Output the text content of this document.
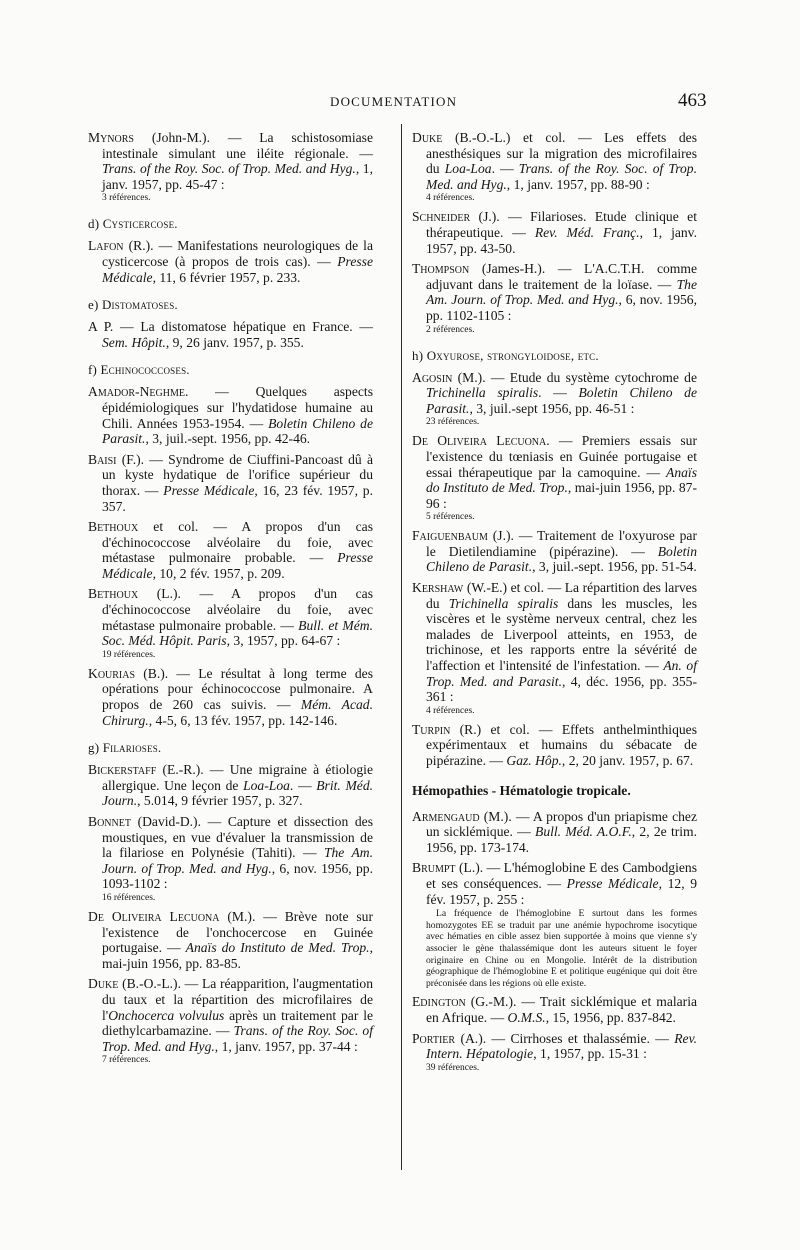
DOCUMENTATION	463
Mynors (John-M.). — La schistosomiase intestinale simulant une iléite régionale. — Trans. of the Roy. Soc. of Trop. Med. and Hyg., 1, janv. 1957, pp. 45-47 :
3 références.
d) Cysticercose.
Lafon (R.). — Manifestations neurologiques de la cysticercose (à propos de trois cas). — Presse Médicale, 11, 6 février 1957, p. 233.
e) Distomatoses.
A P. — La distomatose hépatique en France. — Sem. Hôpit., 9, 26 janv. 1957, p. 355.
f) Echinococcoses.
Amador-Neghme. — Quelques aspects épidémiologiques sur l'hydatidose humaine au Chili. Années 1953-1954. — Boletin Chileno de Parasit., 3, juil.-sept. 1956, pp. 42-46.
Baisi (F.). — Syndrome de Ciuffini-Pancoast dû à un kyste hydatique de l'orifice supérieur du thorax. — Presse Médicale, 16, 23 fév. 1957, p. 357.
Bethoux et col. — A propos d'un cas d'échinococcose alvéolaire du foie, avec métastase pulmonaire probable. — Presse Médicale, 10, 2 fév. 1957, p. 209.
Bethoux (L.). — A propos d'un cas d'échinococcose alvéolaire du foie, avec métastase pulmonaire probable. — Bull. et Mém. Soc. Méd. Hôpit. Paris, 3, 1957, pp. 64-67 :
19 références.
Kourias (B.). — Le résultat à long terme des opérations pour échinococcose pulmonaire. A propos de 260 cas suivis. — Mém. Acad. Chirurg., 4-5, 6, 13 fév. 1957, pp. 142-146.
g) Filarioses.
Bickerstaff (E.-R.). — Une migraine à étiologie allergique. Une leçon de Loa-Loa. — Brit. Méd. Journ., 5.014, 9 février 1957, p. 327.
Bonnet (David-D.). — Capture et dissection des moustiques, en vue d'évaluer la transmission de la filariose en Polynésie (Tahiti). — The Am. Journ. of Trop. Med. and Hyg., 6, nov. 1956, pp. 1093-1102 :
16 références.
De Oliveira Lecuona (M.). — Brève note sur l'existence de l'onchocercose en Guinée portugaise. — Anaïs do Instituto de Med. Trop., mai-juin 1956, pp. 83-85.
Duke (B.-O.-L.). — La réapparition, l'augmentation du taux et la répartition des microfilaires de l'Onchocerca volvulus après un traitement par le diethylcarbamazine. — Trans. of the Roy. Soc. of Trop. Med. and Hyg., 1, janv. 1957, pp. 37-44 :
7 références.
Duke (B.-O.-L.) et col. — Les effets des anesthésiques sur la migration des microfilaires du Loa-Loa. — Trans. of the Roy. Soc. of Trop. Med. and Hyg., 1, janv. 1957, pp. 88-90 :
4 références.
Schneider (J.). — Filarioses. Etude clinique et thérapeutique. — Rev. Méd. Franç., 1, janv. 1957, pp. 43-50.
Thompson (James-H.). — L'A.C.T.H. comme adjuvant dans le traitement de la loïase. — The Am. Journ. of Trop. Med. and Hyg., 6, nov. 1956, pp. 1102-1105 :
2 références.
h) Oxyurose, strongyloidose, etc.
Agosin (M.). — Etude du système cytochrome de Trichinella spiralis. — Boletin Chileno de Parasit., 3, juil.-sept 1956, pp. 46-51 :
23 références.
De Oliveira Lecuona. — Premiers essais sur l'existence du tœniasis en Guinée portugaise et essai thérapeutique par la camoquine. — Anaïs do Instituto de Med. Trop., mai-juin 1956, pp. 87-96 :
5 références.
Faiguenbaum (J.). — Traitement de l'oxyurose par le Dietilendiamine (pipérazine). — Boletin Chileno de Parasit., 3, juil.-sept. 1956, pp. 51-54.
Kershaw (W.-E.) et col. — La répartition des larves du Trichinella spiralis dans les muscles, les viscères et le système nerveux central, chez les malades de Liverpool atteints, en 1953, de trichinose, et les rapports entre la sévérité de l'affection et l'intensité de l'infestation. — An. of Trop. Med. and Parasit., 4, déc. 1956, pp. 355-361 :
4 références.
Turpin (R.) et col. — Effets anthelminthiques expérimentaux et humains du sébacate de pipérazine. — Gaz. Hôp., 2, 20 janv. 1957, p. 67.
Hémopathies - Hématologie tropicale.
Armengaud (M.). — A propos d'un priapisme chez un sicklémique. — Bull. Méd. A.O.F., 2, 2e trim. 1956, pp. 173-174.
Brumpt (L.). — L'hémoglobine E des Cambodgiens et ses conséquences. — Presse Médicale, 12, 9 fév. 1957, p. 255 :
La fréquence de l'hémoglobine E surtout dans les formes homozygotes EE se traduit par une anémie hypochrome isocytique avec hématies en cible assez bien supportée à moins que vienne s'y associer le gène thalassémique dont les auteurs situent le foyer originaire en Chine ou en Mongolie. Intérêt de la distribution géographique de l'hémoglobine E et politique eugénique qui doit être préconisée dans les régions où elle existe.
Edington (G.-M.). — Trait sicklémique et malaria en Afrique. — O.M.S., 15, 1956, pp. 837-842.
Portier (A.). — Cirrhoses et thalassémie. — Rev. Intern. Hépatologie, 1, 1957, pp. 15-31 :
39 références.
